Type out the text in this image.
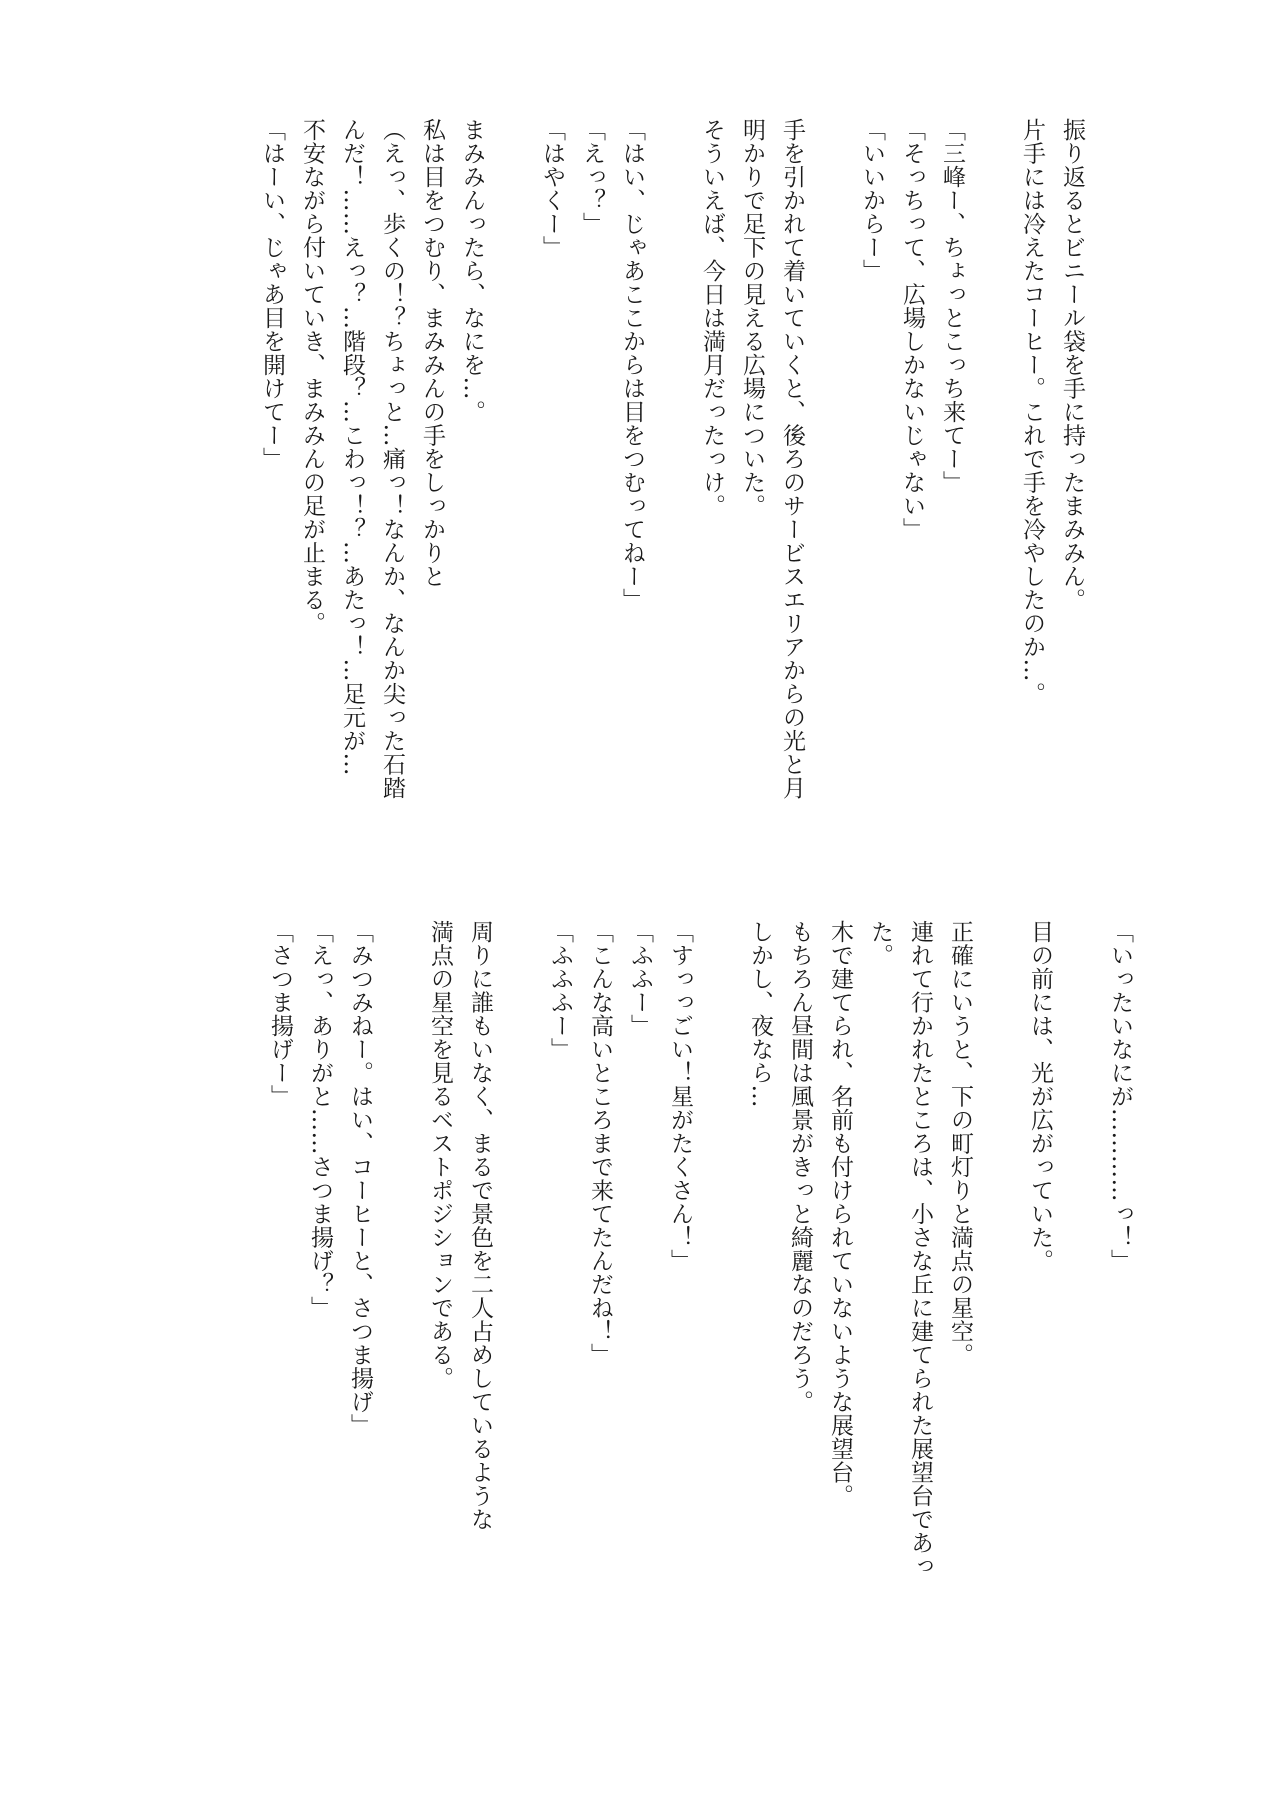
振り返るとビニール袋を手に持ったまみみん。
片手には冷えたコーヒー。これで手を冷やしたのか…。

「三峰ー、ちょっとこっち来てー」
「そっちって、広場しかないじゃない」
「いいからー」

手を引かれて着いていくと、後ろのサービスエリアからの光と月
明かりで足下の見える広場についた。
そういえば、今日は満月だったっけ。

「はい、じゃあここからは目をつむってねー」
「えっ？」
「はやくー」

まみみんったら、なにを…。
私は目をつむり、まみみんの手をしっかりと
（えっ、歩くの！？ちょっと…痛っ！なんか、なんか尖った石踏
んだ！……えっ？…階段？…こわっ！？…あたっ！…足元が…
不安ながら付いていき、まみみんの足が止まる。
「はーい、じゃあ目を開けてー」
「いったいなにが…………っ！」

目の前には、光が広がっていた。

正確にいうと、下の町灯りと満点の星空。
連れて行かれたところは、小さな丘に建てられた展望台であっ
た。
木で建てられ、名前も付けられていないような展望台。
もちろん昼間は風景がきっと綺麗なのだろう。
しかし、夜なら…

「すっっごい！星がたくさん！」
「ふふー」
「こんな高いところまで来てたんだね！」
「ふふふー」

周りに誰もいなく、まるで景色を二人占めしているような
満点の星空を見るベストポジションである。

「みつみねー。はい、コーヒーと、さつま揚げ」
「えっ、ありがと……さつま揚げ？」
「さつま揚げー」
